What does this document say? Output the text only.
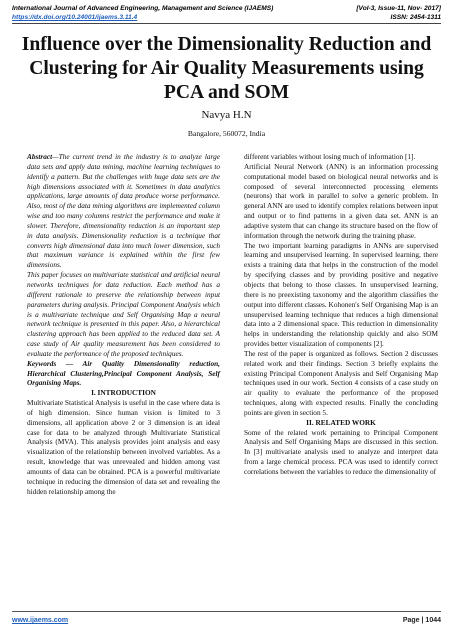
International Journal of Advanced Engineering, Management and Science (IJAEMS)	[Vol-3, Issue-11, Nov- 2017]
https://dx.doi.org/10.24001/ijaems.3.11.4	ISSN: 2454-1311
Influence over the Dimensionality Reduction and Clustering for Air Quality Measurements using PCA and SOM
Navya H.N
Bangalore, 560072, India

Abstract—The current trend in the industry is to analyze large data sets and apply data mining, machine learning techniques to identify a pattern. But the challenges with huge data sets are the high dimensions associated with it. Sometimes in data analytics applications, large amounts of data produce worse performance. Also, most of the data mining algorithms are implemented column wise and too many columns restrict the performance and make it slower. Therefore, dimensionality reduction is an important step in data analysis. Dimensionality reduction is a technique that converts high dimensional data into much lower dimension, such that maximum variance is explained within the first few dimensions.

This paper focuses on multivariate statistical and artificial neural networks techniques for data reduction. Each method has a different rationale to preserve the relationship between input parameters during analysis. Principal Component Analysis which is a multivariate technique and Self Organising Map a neural network technique is presented in this paper. Also, a hierarchical clustering approach has been applied to the reduced data set. A case study of Air quality measurement has been considered to evaluate the performance of the proposed techniques.

Keywords — Air Quality Dimensionality reduction, Hierarchical Clustering,Principal Component Analysis, Self Organising Maps.

I. INTRODUCTION

Multivariate Statistical Analysis is useful in the case where data is of high dimension. Since human vision is limited to 3 dimensions, all application above 2 or 3 dimension is an ideal case for data to be analyzed through Multivariate Statistical Analysis (MVA). This analysis provides joint analysis and easy visualization of the relationship between involved variables. As a result, knowledge that was unrevealed and hidden among vast amounts of data can be obtained. PCA is a powerful multivariate technique in reducing the dimension of data set and revealing the hidden relationship among the

different variables without losing much of information [1].

Artificial Neural Network (ANN) is an information processing computational model based on biological neural networks and is composed of several interconnected processing elements (neurons) that work in parallel to solve a generic problem. In general ANN are used to identify complex relations between input and output or to find patterns in a given data set. ANN is an adaptive system that can change its structure based on the flow of information through the network during the training phase.

The two important learning paradigms in ANNs are supervised learning and unsupervised learning. In supervised learning, there exists a training data that helps in the construction of the model by specifying classes and by providing positive and negative objects that belong to those classes. In unsupervised learning, there is no preexisting taxonomy and the algorithm classifies the output into different classes. Kohonen's Self Organising Map is an unsupervised learning technique that reduces a high dimensional data into a 2 dimensional space. This reduction in dimensionality helps in understanding the relationship quickly and also SOM provides better visualization of components [2].

The rest of the paper is organized as follows. Section 2 discusses related work and their findings. Section 3 briefly explains the existing Principal Component Analysis and Self Organising Map techniques used in our work. Section 4 consists of a case study on air quality to evaluate the performance of the proposed techniques, along with expected results. Finally the concluding points are given in section 5.

II. RELATED WORK

Some of the related work pertaining to Principal Component Analysis and Self Organising Maps are discussed in this section. In [3] multivariate analysis used to analyze and interpret data from a large chemical process. PCA was used to identify correct correlations between the variables to reduce the dimensionality of

www.ijaems.com	Page | 1044
